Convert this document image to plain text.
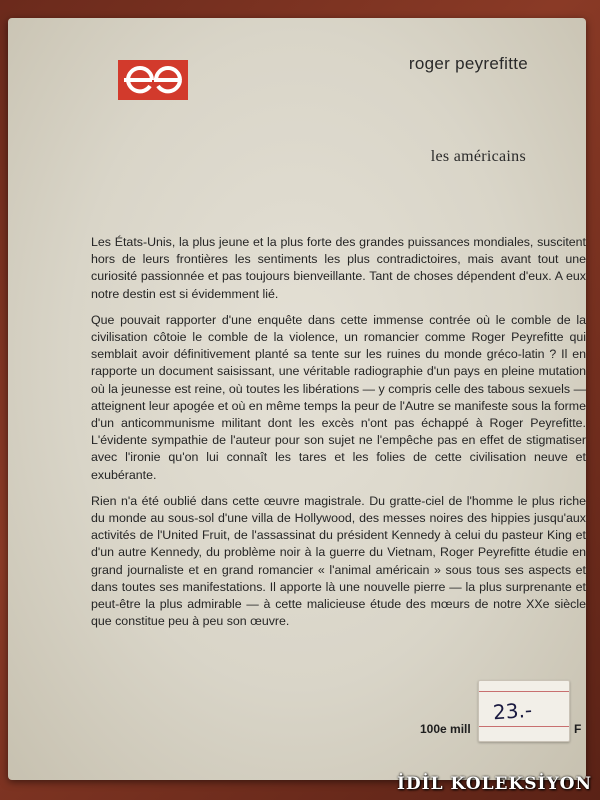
roger peyrefitte
les américains

Les États-Unis, la plus jeune et la plus forte des grandes puissances mondiales, suscitent hors de leurs frontières les sentiments les plus contradictoires, mais avant tout une curiosité passionnée et pas toujours bienveillante. Tant de choses dépendent d'eux. A eux notre destin est si évidemment lié.

Que pouvait rapporter d'une enquête dans cette immense contrée où le comble de la civilisation côtoie le comble de la violence, un romancier comme Roger Peyrefitte qui semblait avoir définitivement planté sa tente sur les ruines du monde gréco-latin ? Il en rapporte un document saisissant, une véritable radiographie d'un pays en pleine mutation où la jeunesse est reine, où toutes les libérations — y compris celle des tabous sexuels — atteignent leur apogée et où en même temps la peur de l'Autre se manifeste sous la forme d'un anticommunisme militant dont les excès n'ont pas échappé à Roger Peyrefitte. L'évidente sympathie de l'auteur pour son sujet ne l'empêche pas en effet de stigmatiser avec l'ironie qu'on lui connaît les tares et les folies de cette civilisation neuve et exubérante.

Rien n'a été oublié dans cette œuvre magistrale. Du gratte-ciel de l'homme le plus riche du monde au sous-sol d'une villa de Hollywood, des messes noires des hippies jusqu'aux activités de l'United Fruit, de l'assassinat du président Kennedy à celui du pasteur King et d'un autre Kennedy, du problème noir à la guerre du Vietnam, Roger Peyrefitte étudie en grand journaliste et en grand romancier « l'animal américain » sous tous ses aspects et dans toutes ses manifestations. Il apporte là une nouvelle pierre — la plus surprenante et peut-être la plus admirable — à cette malicieuse étude des mœurs de notre XXe siècle que constitue peu à peu son œuvre.

100e mill
23.-
F
İDİL KOLEKSİYON
